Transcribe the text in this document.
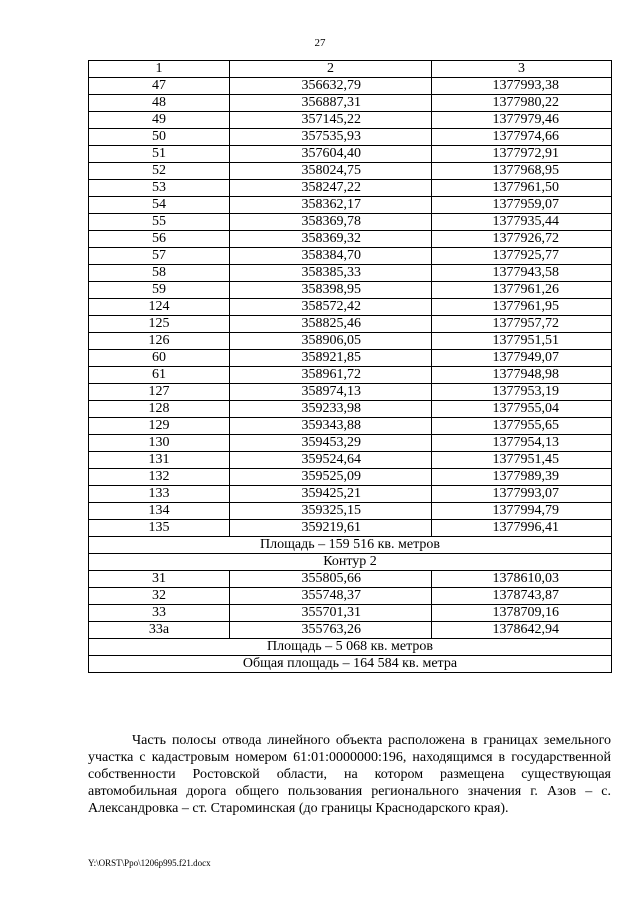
27
1	2	3
47	356632,79	1377993,38
48	356887,31	1377980,22
49	357145,22	1377979,46
50	357535,93	1377974,66
51	357604,40	1377972,91
52	358024,75	1377968,95
53	358247,22	1377961,50
54	358362,17	1377959,07
55	358369,78	1377935,44
56	358369,32	1377926,72
57	358384,70	1377925,77
58	358385,33	1377943,58
59	358398,95	1377961,26
124	358572,42	1377961,95
125	358825,46	1377957,72
126	358906,05	1377951,51
60	358921,85	1377949,07
61	358961,72	1377948,98
127	358974,13	1377953,19
128	359233,98	1377955,04
129	359343,88	1377955,65
130	359453,29	1377954,13
131	359524,64	1377951,45
132	359525,09	1377989,39
133	359425,21	1377993,07
134	359325,15	1377994,79
135	359219,61	1377996,41
Площадь – 159 516 кв. метров		
Контур 2		
31	355805,66	1378610,03
32	355748,37	1378743,87
33	355701,31	1378709,16
33а	355763,26	1378642,94
Площадь – 5 068 кв. метров		
Общая площадь – 164 584 кв. метра		

Часть полосы отвода линейного объекта расположена в границах земельного участка с кадастровым номером 61:01:0000000:196, находящимся в государственной собственности Ростовской области, на котором размещена существующая автомобильная дорога общего пользования регионального значения г. Азов – с. Александровка – ст. Староминская (до границы Краснодарского края).

Y:\ORST\Ppo\1206p995.f21.docx
